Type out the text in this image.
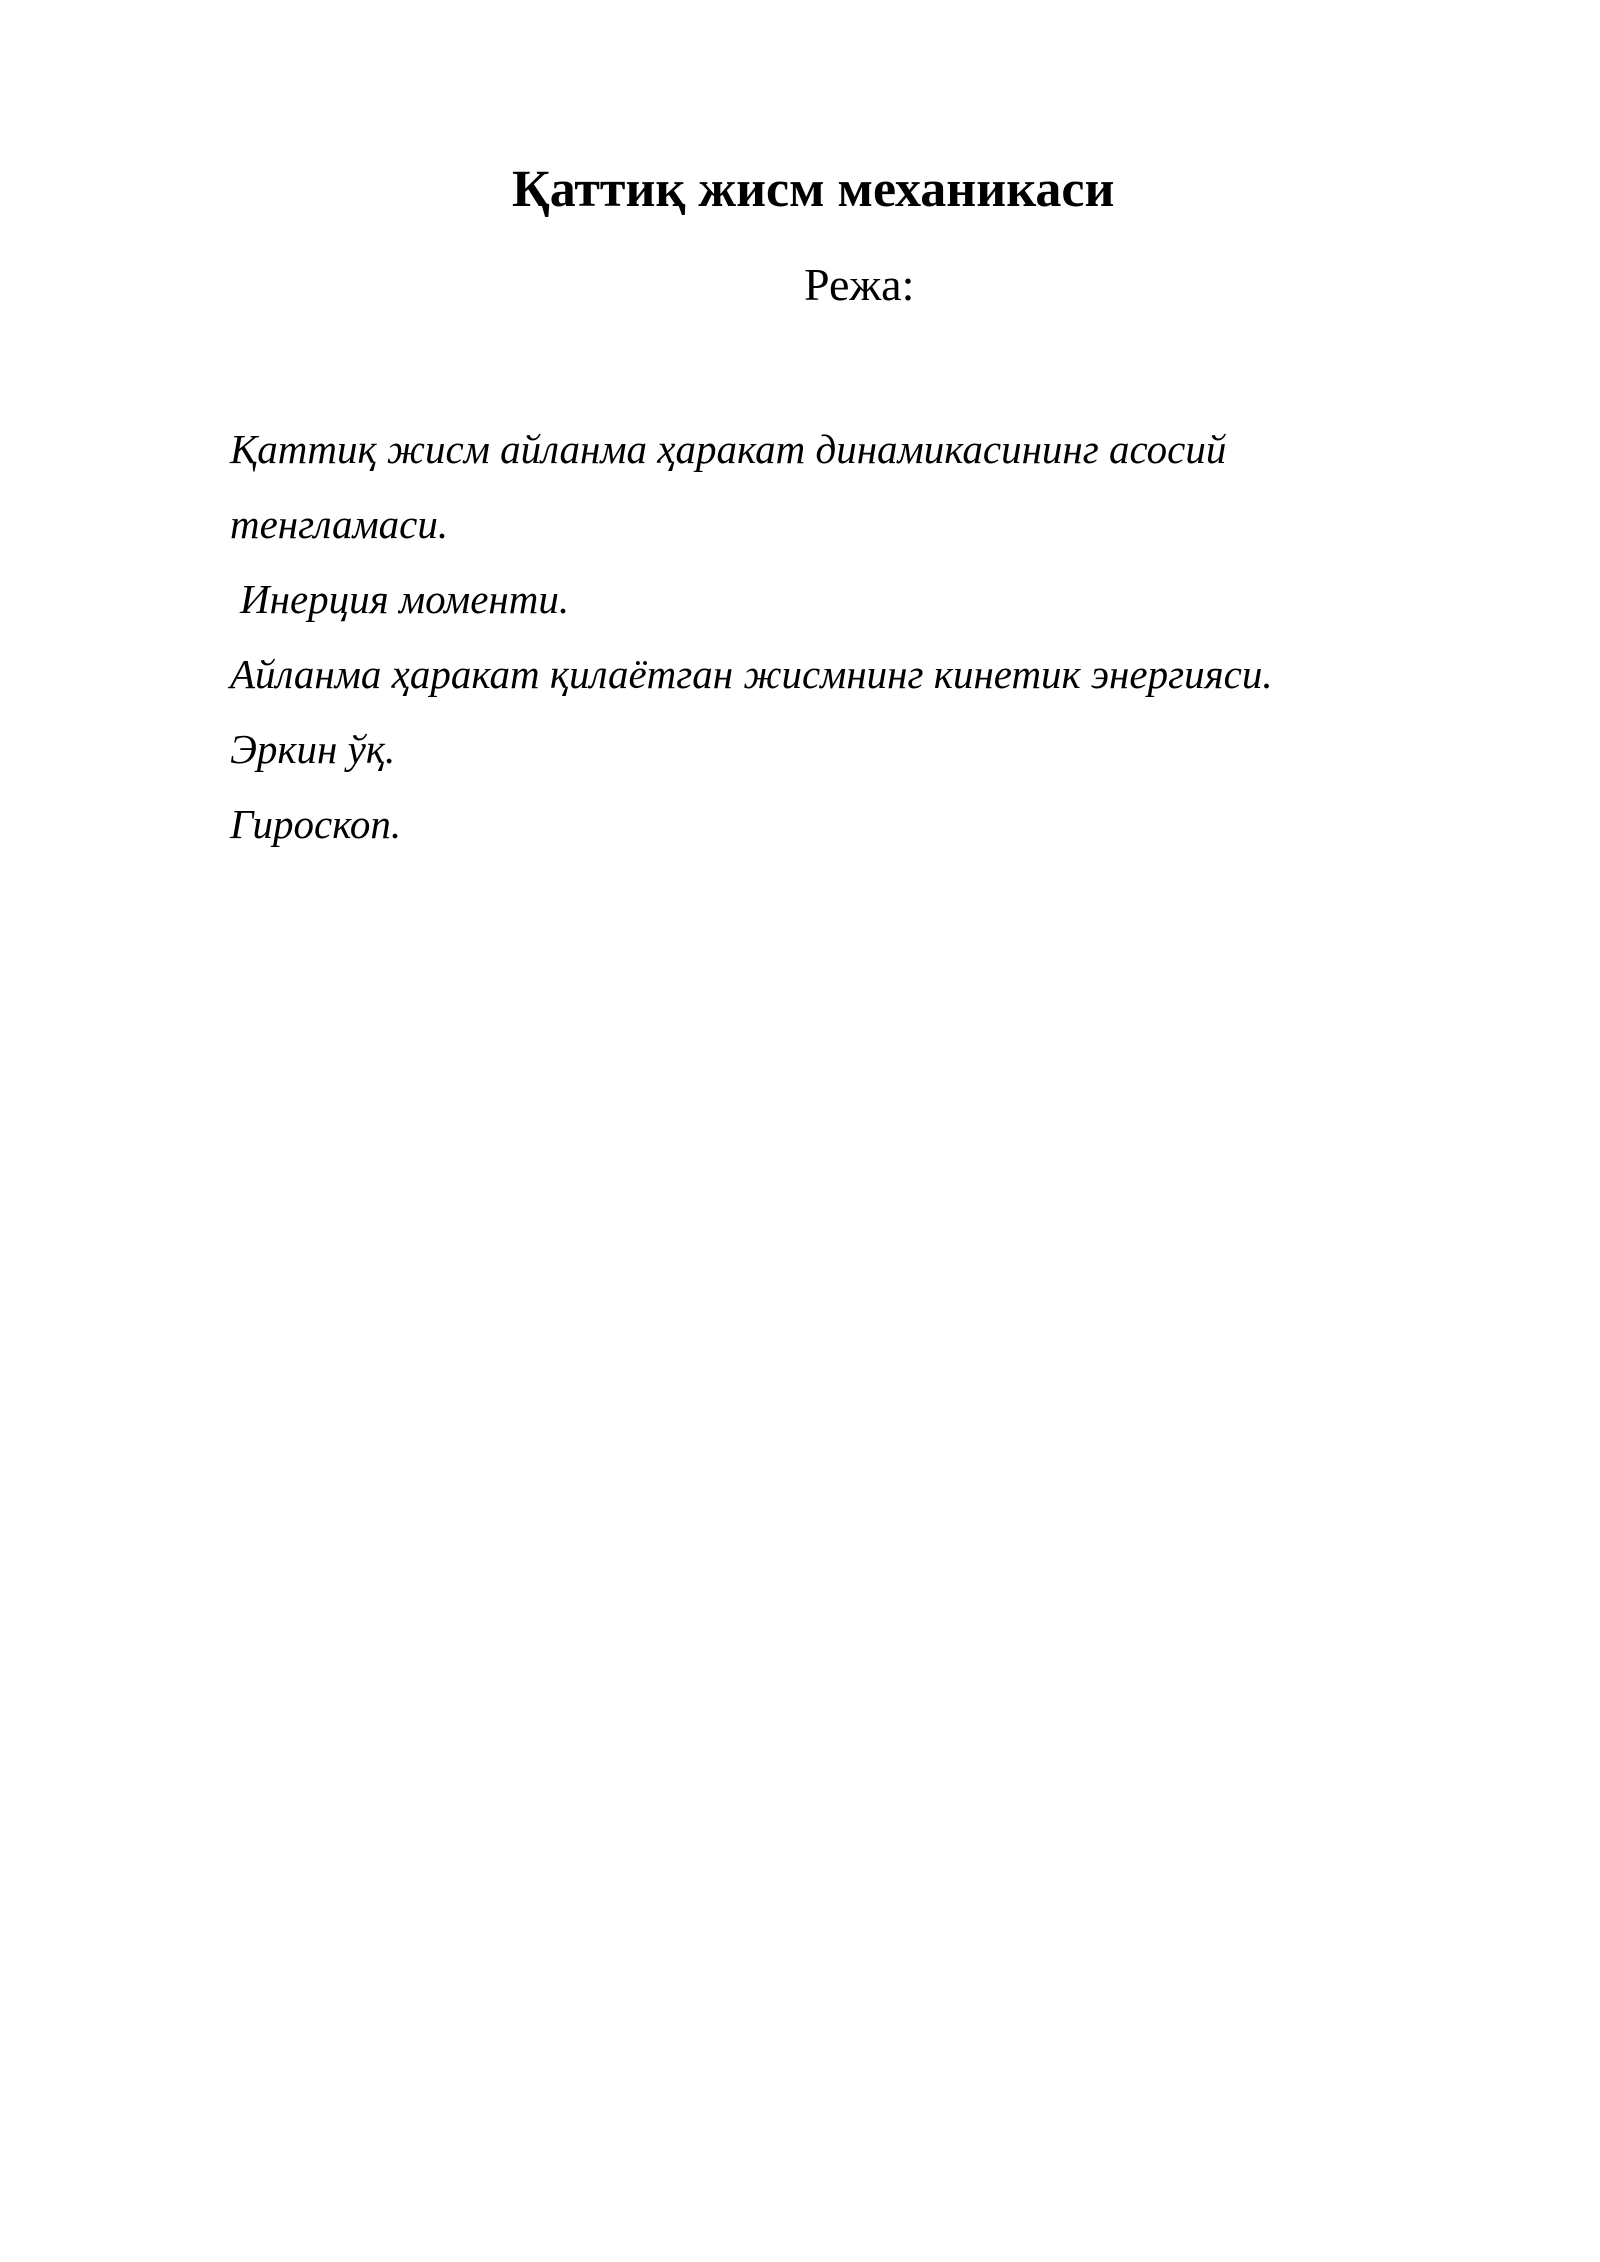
Қаттиқ жисм механикаси

Режа:

Қаттиқ жисм айланма ҳаракат динамикасининг асосий
тенгламаси.
Инерция моменти.
Айланма ҳаракат қилаётган жисмнинг кинетик энергияси.
Эркин ўқ.
Гироскоп.
